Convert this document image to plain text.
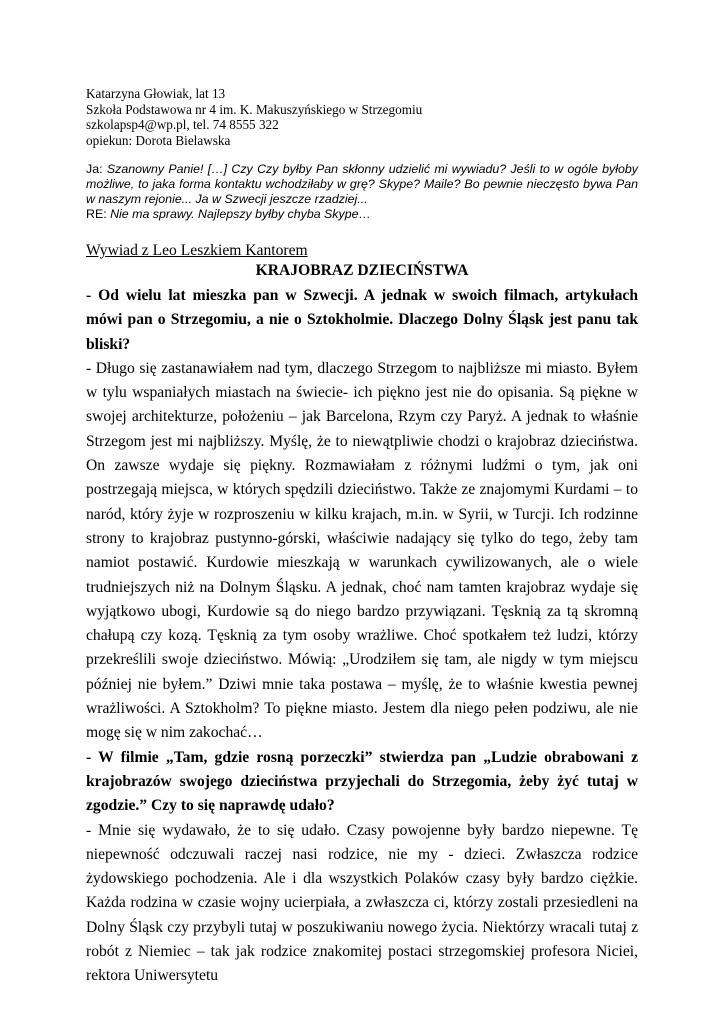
Katarzyna Głowiak, lat 13
Szkoła Podstawowa nr 4 im. K. Makuszyńskiego w Strzegomiu
szkolapsp4@wp.pl, tel. 74 8555 322
opiekun: Dorota Bielawska

Ja: Szanowny Panie! […] Czy Czy byłby Pan skłonny udzielić mi wywiadu? Jeśli to w ogóle byłoby możliwe, to jaka forma kontaktu wchodziłaby w grę? Skype? Maile? Bo pewnie nieczęsto bywa Pan w naszym rejonie... Ja w Szwecji jeszcze rzadziej...

RE: Nie ma sprawy. Najlepszy byłby chyba Skype…

Wywiad z Leo Leszkiem Kantorem
KRAJOBRAZ DZIECIŃSTWA

- Od wielu lat mieszka pan w Szwecji. A jednak w swoich filmach, artykułach mówi pan o Strzegomiu, a nie o Sztokholmie. Dlaczego Dolny Śląsk jest panu tak bliski?

- Długo się zastanawiałem nad tym, dlaczego Strzegom to najbliższe mi miasto. Byłem w tylu wspaniałych miastach na świecie- ich piękno jest nie do opisania. Są piękne w swojej architekturze, położeniu – jak Barcelona, Rzym czy Paryż. A jednak to właśnie Strzegom jest mi najbliższy. Myślę, że to niewątpliwie chodzi o krajobraz dzieciństwa. On zawsze wydaje się piękny. Rozmawiałam z różnymi ludźmi o tym, jak oni postrzegają miejsca, w których spędzili dzieciństwo. Także ze znajomymi Kurdami – to naród, który żyje w rozproszeniu w kilku krajach, m.in. w Syrii, w Turcji. Ich rodzinne strony to krajobraz pustynno-górski, właściwie nadający się tylko do tego, żeby tam namiot postawić. Kurdowie mieszkają w warunkach cywilizowanych, ale o wiele trudniejszych niż na Dolnym Śląsku. A jednak, choć nam tamten krajobraz wydaje się wyjątkowo ubogi, Kurdowie są do niego bardzo przywiązani. Tęsknią za tą skromną chałupą czy kozą. Tęsknią za tym osoby wrażliwe. Choć spotkałem też ludzi, którzy przekreślili swoje dzieciństwo. Mówią: „Urodziłem się tam, ale nigdy w tym miejscu później nie byłem.” Dziwi mnie taka postawa – myślę, że to właśnie kwestia pewnej wrażliwości. A Sztokholm? To piękne miasto. Jestem dla niego pełen podziwu, ale nie mogę się w nim zakochać…

- W filmie „Tam, gdzie rosną porzeczki” stwierdza pan „Ludzie obrabowani z krajobrazów swojego dzieciństwa przyjechali do Strzegomia, żeby żyć tutaj w zgodzie.” Czy to się naprawdę udało?

- Mnie się wydawało, że to się udało. Czasy powojenne były bardzo niepewne. Tę niepewność odczuwali raczej nasi rodzice, nie my - dzieci. Zwłaszcza rodzice żydowskiego pochodzenia. Ale i dla wszystkich Polaków czasy były bardzo ciężkie. Każda rodzina w czasie wojny ucierpiała, a zwłaszcza ci, którzy zostali przesiedleni na Dolny Śląsk czy przybyli tutaj w poszukiwaniu nowego życia. Niektórzy wracali tutaj z robót z Niemiec – tak jak rodzice znakomitej postaci strzegomskiej profesora Niciei, rektora Uniwersytetu
